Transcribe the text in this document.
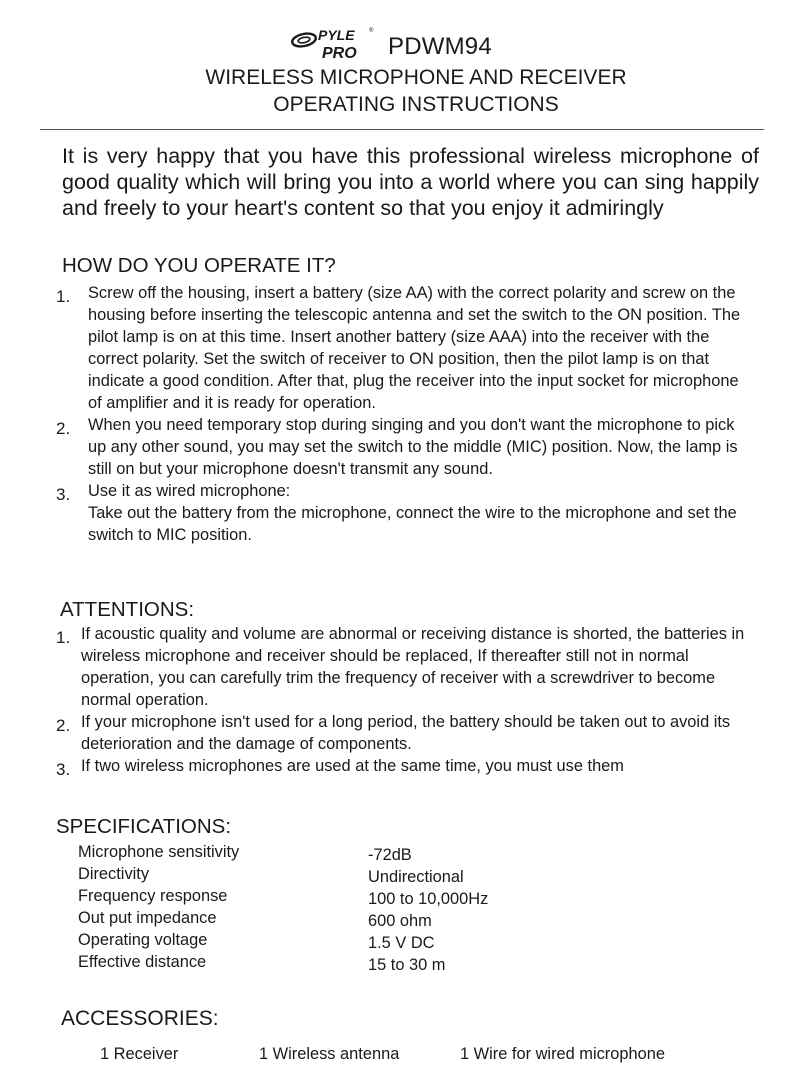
PYLE ®
PRO PDWM94
WIRELESS MICROPHONE AND RECEIVER
OPERATING INSTRUCTIONS
It is very happy that you have this professional wireless microphone of good quality which will bring you into a world where you can sing happily and freely to your heart's content so that you enjoy it admiringly
HOW DO YOU OPERATE IT?
1. Screw off the housing, insert a battery (size AA) with the correct polarity and screw on the housing before inserting the telescopic antenna and set the switch to the ON position. The pilot lamp is on at this time. Insert another battery (size AAA) into the receiver with the correct polarity. Set the switch of receiver to ON position, then the pilot lamp is on that indicate a good condition. After that, plug the receiver into the input socket for microphone of amplifier and it is ready for operation.
2. When you need temporary stop during singing and you don't want the microphone to pick up any other sound, you may set the switch to the middle (MIC) position. Now, the lamp is still on but your microphone doesn't transmit any sound.
3. Use it as wired microphone:
Take out the battery from the microphone, connect the wire to the microphone and set the switch to MIC position.
ATTENTIONS:
1. If acoustic quality and volume are abnormal or receiving distance is shorted, the batteries in wireless microphone and receiver should be replaced, If thereafter still not in normal operation, you can carefully trim the frequency of receiver with a screwdriver to become normal operation.
2. If your microphone isn't used for a long period, the battery should be taken out to avoid its deterioration and the damage of components.
3. If two wireless microphones are used at the same time, you must use them
SPECIFICATIONS:
Microphone sensitivity	-72dB
Directivity	Undirectional
Frequency response	100 to 10,000Hz
Out put impedance	600 ohm
Operating voltage	1.5 V DC
Effective distance	15 to 30 m
ACCESSORIES:
1 Receiver	1 Wireless antenna	1 Wire for wired microphone
